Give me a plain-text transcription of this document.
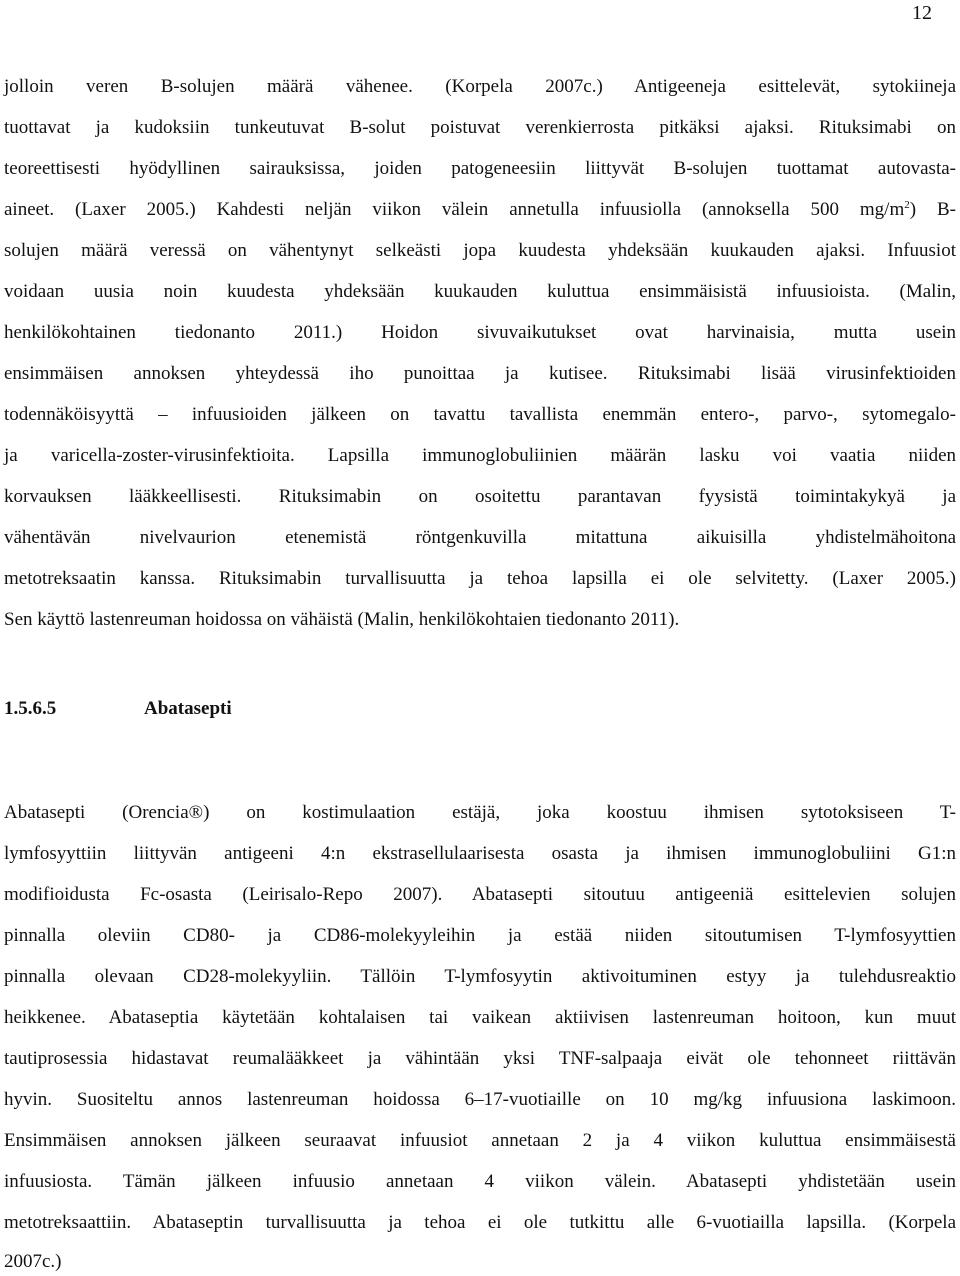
12
jolloin veren B-solujen määrä vähenee. (Korpela 2007c.) Antigeeneja esittelevät, sytokiineja
tuottavat ja kudoksiin tunkeutuvat B-solut poistuvat verenkierrosta pitkäksi ajaksi. Rituksimabi on
teoreettisesti hyödyllinen sairauksissa, joiden patogeneesiin liittyvät B-solujen tuottamat autovasta-
aineet. (Laxer 2005.) Kahdesti neljän viikon välein annetulla infuusiolla (annoksella 500 $mg/m^2$) B-
solujen määrä veressä on vähentynyt selkeästi jopa kuudesta yhdeksään kuukauden ajaksi. Infuusiot
voidaan uusia noin kuudesta yhdeksään kuukauden kuluttua ensimmäisistä infuusioista. (Malin,
henkilökohtainen tiedonanto 2011.) Hoidon sivuvaikutukset ovat harvinaisia, mutta usein
ensimmäisen annoksen yhteydessä iho punoittaa ja kutisee. Rituksimabi lisää virusinfektioiden
todennäköisyyttä – infuusioiden jälkeen on tavattu tavallista enemmän entero-, parvo-, sytomegalo-
ja varicella-zoster-virusinfektioita. Lapsilla immunoglobuliinien määrän lasku voi vaatia niiden
korvauksen lääkkeellisesti. Rituksimabin on osoitettu parantavan fyysistä toimintakykyä ja
vähentävän nivelvaurion etenemistä röntgenkuvilla mitattuna aikuisilla yhdistelmähoitona
metotreksaatin kanssa. Rituksimabin turvallisuutta ja tehoa lapsilla ei ole selvitetty. (Laxer 2005.)
Sen käyttö lastenreuman hoidossa on vähäistä (Malin, henkilökohtaien tiedonanto 2011).
1.5.6.5	Abatasepti
Abatasepti (Orencia®) on kostimulaation estäjä, joka koostuu ihmisen sytotoksiseen T-
lymfosyyttiin liittyvän antigeeni 4:n ekstrasellulaarisesta osasta ja ihmisen immunoglobuliini G1:n
modifioidusta Fc-osasta (Leirisalo-Repo 2007). Abatasepti sitoutuu antigeeniä esittelevien solujen
pinnalla oleviin CD80- ja CD86-molekyyleihin ja estää niiden sitoutumisen T-lymfosyyttien
pinnalla olevaan CD28-molekyyliin. Tällöin T-lymfosyytin aktivoituminen estyy ja tulehdusreaktio
heikkenee. Abataseptia käytetään kohtalaisen tai vaikean aktiivisen lastenreuman hoitoon, kun muut
tautiprosessia hidastavat reumalääkkeet ja vähintään yksi TNF-salpaaja eivät ole tehonneet riittävän
hyvin. Suositeltu annos lastenreuman hoidossa 6–17-vuotiaille on 10 mg/kg infuusiona laskimoon.
Ensimmäisen annoksen jälkeen seuraavat infuusiot annetaan 2 ja 4 viikon kuluttua ensimmäisestä
infuusiosta. Tämän jälkeen infuusio annetaan 4 viikon välein. Abatasepti yhdistetään usein
metotreksaattiin. Abataseptin turvallisuutta ja tehoa ei ole tutkittu alle 6-vuotiailla lapsilla. (Korpela
2007c.)
